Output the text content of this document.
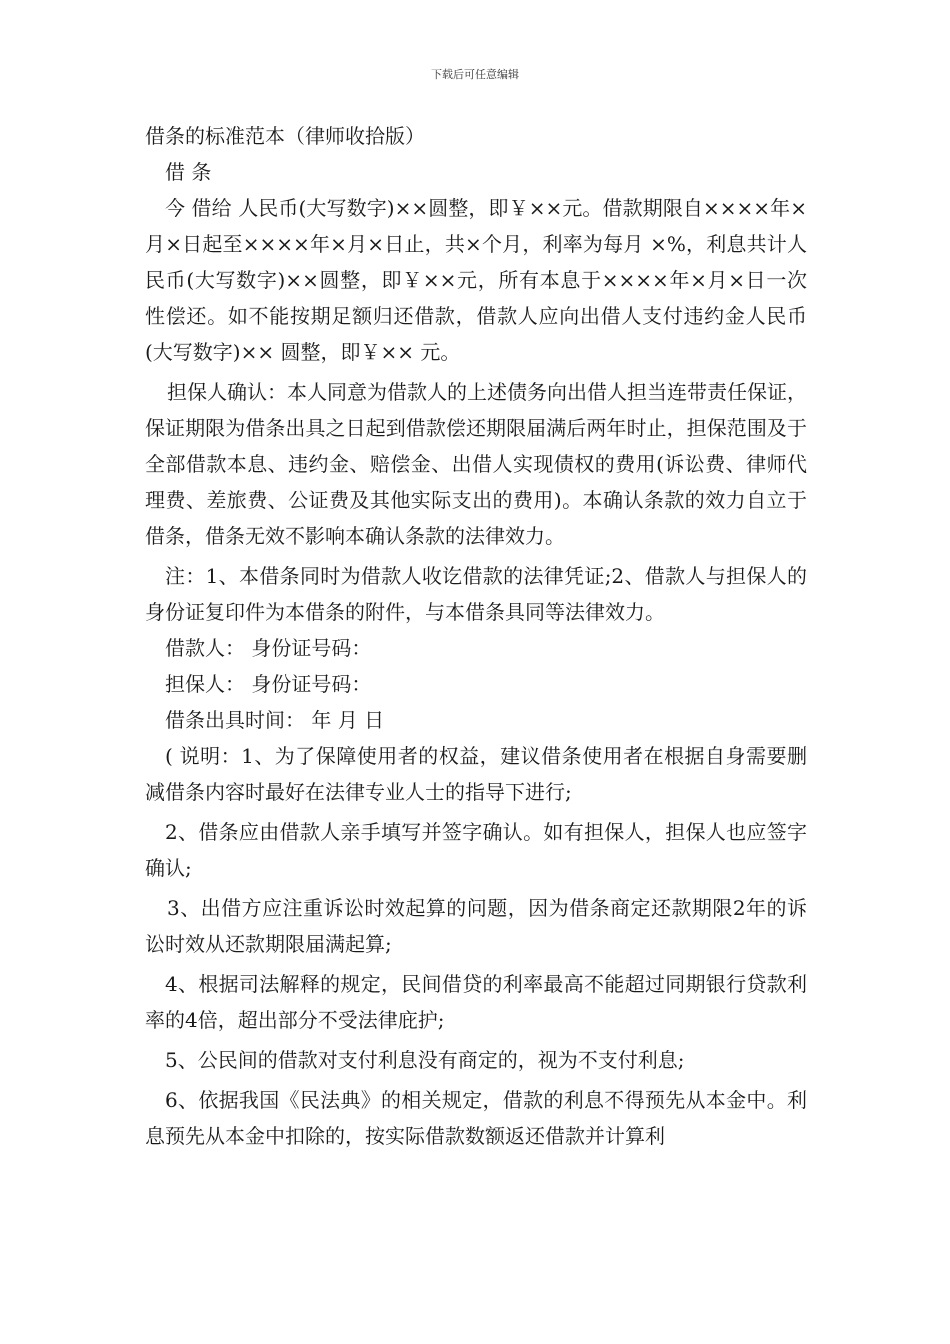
下载后可任意编辑

借条的标准范本（律师收拾版）

借 条

今 借给 人民币(大写数字)××圆整，即￥××元。借款期限自××××年×月×日起至××××年×月×日止，共×个月，利率为每月 ×%，利息共计人民币(大写数字)××圆整，即￥××元，所有本息于××××年×月×日一次性偿还。如不能按期足额归还借款，借款人应向出借人支付违约金人民币(大写数字)×× 圆整，即￥×× 元。

担保人确认：本人同意为借款人的上述债务向出借人担当连带责任保证，保证期限为借条出具之日起到借款偿还期限届满后两年时止，担保范围及于全部借款本息、违约金、赔偿金、出借人实现债权的费用(诉讼费、律师代理费、差旅费、公证费及其他实际支出的费用)。本确认条款的效力自立于借条，借条无效不影响本确认条款的法律效力。

注：1、本借条同时为借款人收讫借款的法律凭证;2、借款人与担保人的身份证复印件为本借条的附件，与本借条具同等法律效力。

借款人： 身份证号码：

担保人： 身份证号码：

借条出具时间： 年 月 日

( 说明：1、为了保障使用者的权益，建议借条使用者在根据自身需要删减借条内容时最好在法律专业人士的指导下进行;

2、借条应由借款人亲手填写并签字确认。如有担保人，担保人也应签字确认;

3、出借方应注重诉讼时效起算的问题，因为借条商定还款期限2年的诉讼时效从还款期限届满起算;

4、根据司法解释的规定，民间借贷的利率最高不能超过同期银行贷款利率的4倍，超出部分不受法律庇护;

5、公民间的借款对支付利息没有商定的，视为不支付利息;

6、依据我国《民法典》的相关规定，借款的利息不得预先从本金中。利息预先从本金中扣除的，按实际借款数额返还借款并计算利
